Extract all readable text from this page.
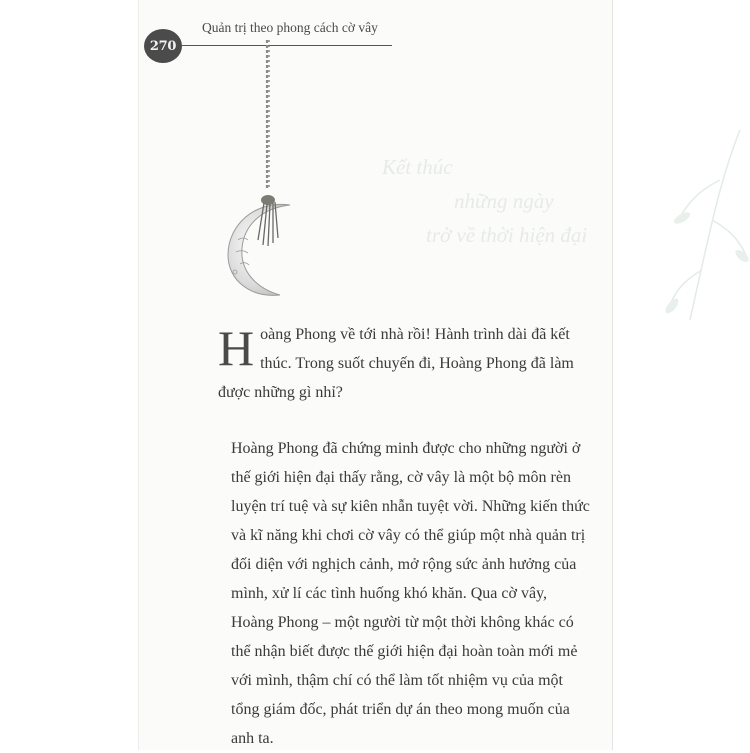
270
Quản trị theo phong cách cờ vây
Kết thúc
những ngày
trở về thời hiện đại

Hoàng Phong về tới nhà rồi! Hành trình dài đã kết thúc. Trong suốt chuyến đi, Hoàng Phong đã làm được những gì nhỉ?

Hoàng Phong đã chứng minh được cho những người ở thế giới hiện đại thấy rằng, cờ vây là một bộ môn rèn luyện trí tuệ và sự kiên nhẫn tuyệt vời. Những kiến thức và kĩ năng khi chơi cờ vây có thể giúp một nhà quản trị đối diện với nghịch cảnh, mở rộng sức ảnh hưởng của mình, xử lí các tình huống khó khăn. Qua cờ vây, Hoàng Phong – một người từ một thời không khác có thể nhận biết được thế giới hiện đại hoàn toàn mới mẻ với mình, thậm chí có thể làm tốt nhiệm vụ của một tổng giám đốc, phát triển dự án theo mong muốn của anh ta.
